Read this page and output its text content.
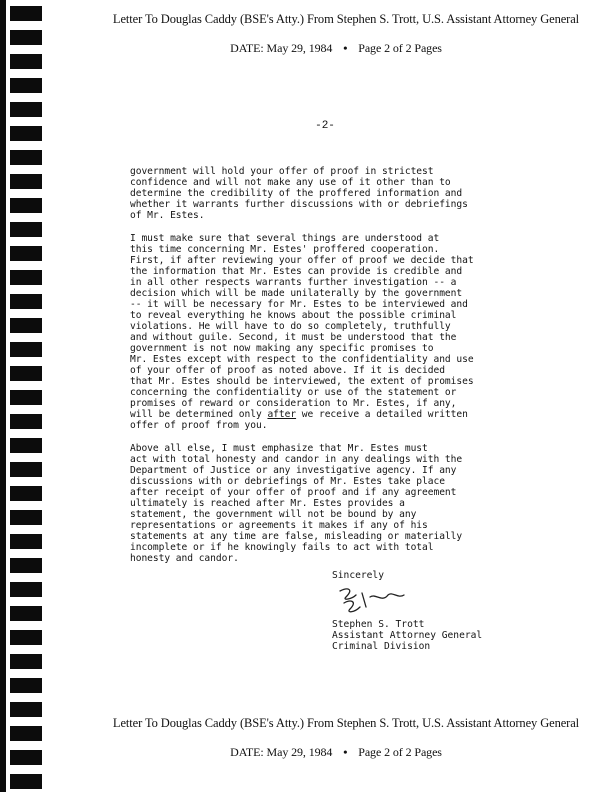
Letter To Douglas Caddy (BSE's Atty.) From Stephen S. Trott, U.S. Assistant Attorney General
DATE: May 29, 1984 • Page 2 of 2 Pages
-2-

government will hold your offer of proof in strictest
confidence and will not make any use of it other than to
determine the credibility of the proffered information and
whether it warrants further discussions with or debriefings
of Mr. Estes.

I must make sure that several things are understood at
this time concerning Mr. Estes' proffered cooperation.
First, if after reviewing your offer of proof we decide that
the information that Mr. Estes can provide is credible and
in all other respects warrants further investigation -- a
decision which will be made unilaterally by the government
-- it will be necessary for Mr. Estes to be interviewed and
to reveal everything he knows about the possible criminal
violations. He will have to do so completely, truthfully
and without guile. Second, it must be understood that the
government is not now making any specific promises to
Mr. Estes except with respect to the confidentiality and use
of your offer of proof as noted above. If it is decided
that Mr. Estes should be interviewed, the extent of promises
concerning the confidentiality or use of the statement or
promises of reward or consideration to Mr. Estes, if any,
will be determined only after we receive a detailed written
offer of proof from you.

Above all else, I must emphasize that Mr. Estes must
act with total honesty and candor in any dealings with the
Department of Justice or any investigative agency. If any
discussions with or debriefings of Mr. Estes take place
after receipt of your offer of proof and if any agreement
ultimately is reached after Mr. Estes provides a
statement, the government will not be bound by any
representations or agreements it makes if any of his
statements at any time are false, misleading or materially
incomplete or if he knowingly fails to act with total
honesty and candor.

Sincerely
Stephen S. Trott
Assistant Attorney General
Criminal Division
Letter To Douglas Caddy (BSE's Atty.) From Stephen S. Trott, U.S. Assistant Attorney General
DATE: May 29, 1984 • Page 2 of 2 Pages
